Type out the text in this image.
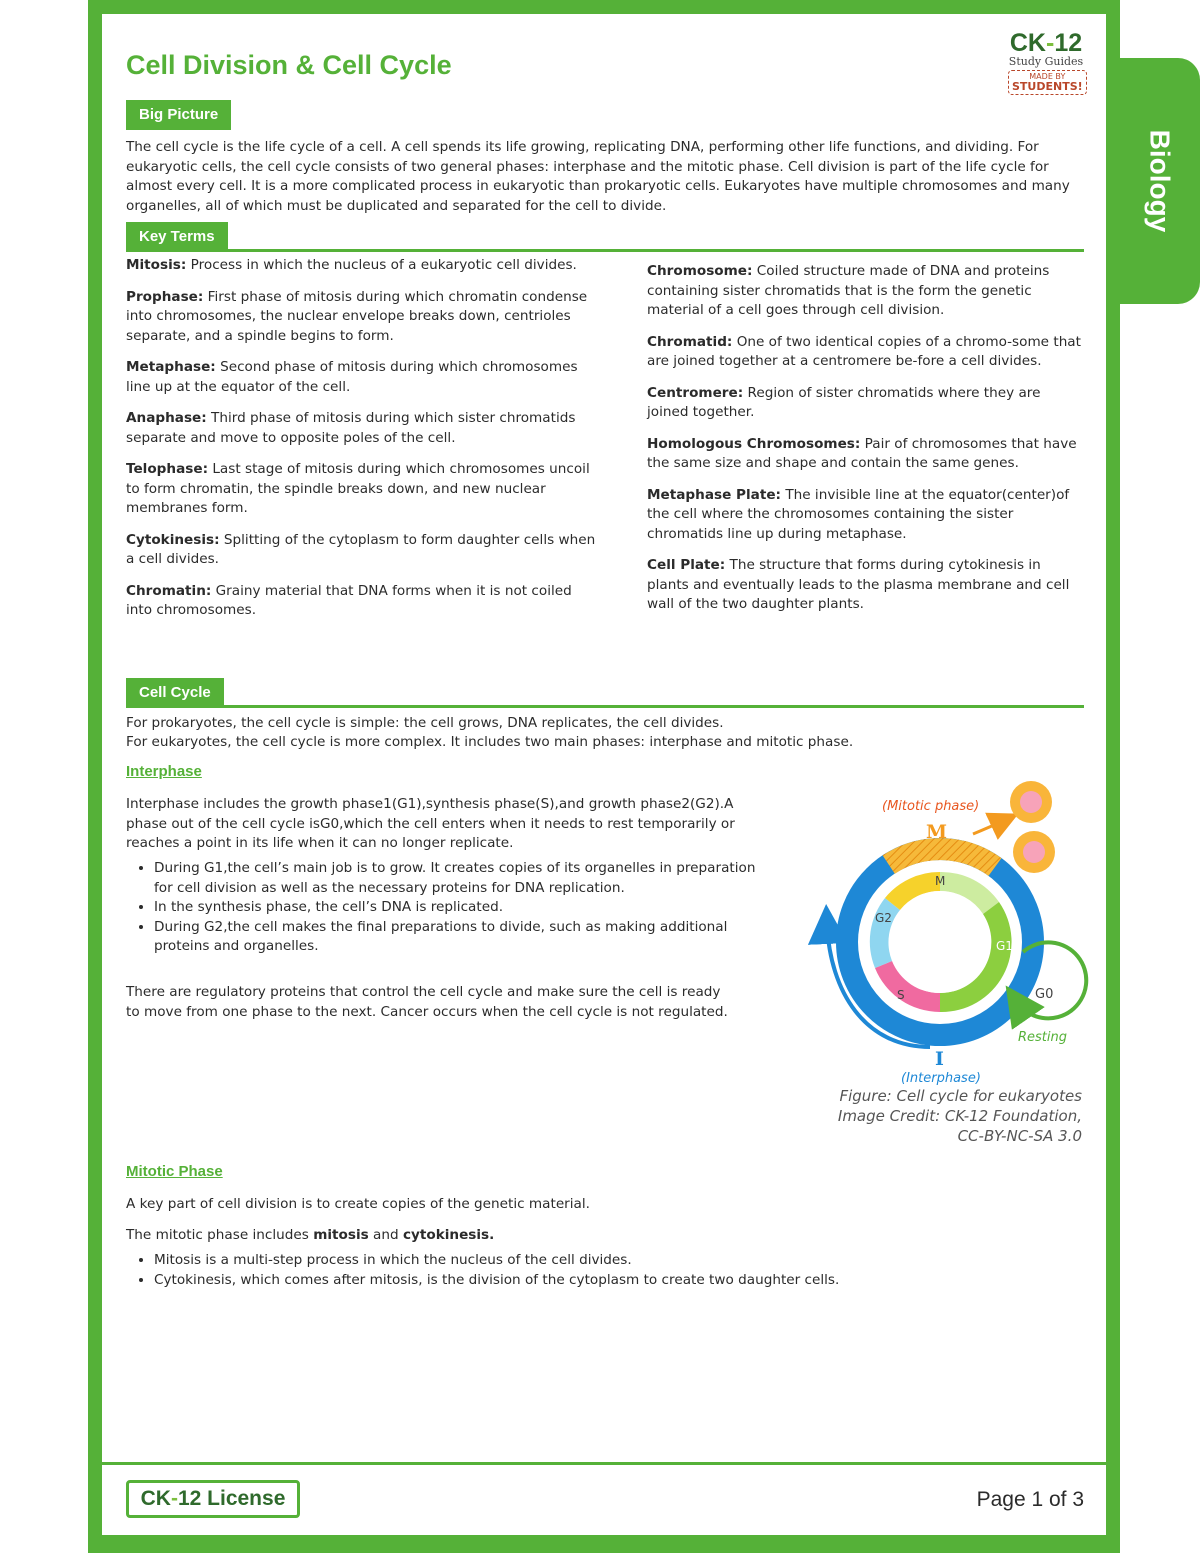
Biology
Cell Division & Cell Cycle
CK-12
Study Guides
MADE BY
STUDENTS!
Big Picture

The cell cycle is the life cycle of a cell. A cell spends its life growing, replicating DNA, performing other life functions, and dividing. For eukaryotic cells, the cell cycle consists of two general phases: interphase and the mitotic phase. Cell division is part of the life cycle for almost every cell. It is a more complicated process in eukaryotic than prokaryotic cells. Eukaryotes have multiple chromosomes and many organelles, all of which must be duplicated and separated for the cell to divide.

Key Terms

Mitosis: Process in which the nucleus of a eukaryotic cell divides.

Prophase: First phase of mitosis during which chromatin condense into chromosomes, the nuclear envelope breaks down, centrioles separate, and a spindle begins to form.

Metaphase: Second phase of mitosis during which chromosomes line up at the equator of the cell.

Anaphase: Third phase of mitosis during which sister chromatids separate and move to opposite poles of the cell.

Telophase: Last stage of mitosis during which chromosomes uncoil to form chromatin, the spindle breaks down, and new nuclear membranes form.

Cytokinesis: Splitting of the cytoplasm to form daughter cells when a cell divides.

Chromatin: Grainy material that DNA forms when it is not coiled into chromosomes.

Chromosome: Coiled structure made of DNA and proteins containing sister chromatids that is the form the genetic material of a cell goes through cell division.

Chromatid: One of two identical copies of a chromo-some that are joined together at a centromere be-fore a cell divides.

Centromere: Region of sister chromatids where they are joined together.

Homologous Chromosomes: Pair of chromosomes that have the same size and shape and contain the same genes.

Metaphase Plate: The invisible line at the equator(center)of the cell where the chromosomes containing the sister chromatids line up during metaphase.

Cell Plate: The structure that forms during cytokinesis in plants and eventually leads to the plasma membrane and cell wall of the two daughter plants.

Cell Cycle

For prokaryotes, the cell cycle is simple: the cell grows, DNA replicates, the cell divides.

For eukaryotes, the cell cycle is more complex. It includes two main phases: interphase and mitotic phase.

Interphase

Interphase includes the growth phase1(G1),synthesis phase(S),and growth phase2(G2).A phase out of the cell cycle isG0,which the cell enters when it needs to rest temporarily or reaches a point in its life when it can no longer replicate.

• During G1,the cell’s main job is to grow. It creates copies of its organelles in preparation for cell division as well as the necessary proteins for DNA replication.
• In the synthesis phase, the cell’s DNA is replicated.
• During G2,the cell makes the final preparations to divide, such as making additional proteins and organelles.

There are regulatory proteins that control the cell cycle and make sure the cell is ready to move from one phase to the next. Cancer occurs when the cell cycle is not regulated.

M
G2
S
G1
(Mitotic phase)
M
G0
Resting
I
(Interphase)
Figure: Cell cycle for eukaryotes
Image Credit: CK-12 Foundation,
CC-BY-NC-SA 3.0
Mitotic Phase

A key part of cell division is to create copies of the genetic material.

The mitotic phase includes mitosis and cytokinesis.

• Mitosis is a multi-step process in which the nucleus of the cell divides.
• Cytokinesis, which comes after mitosis, is the division of the cytoplasm to create two daughter cells.
CK - 12 License	Page 1 of 3
